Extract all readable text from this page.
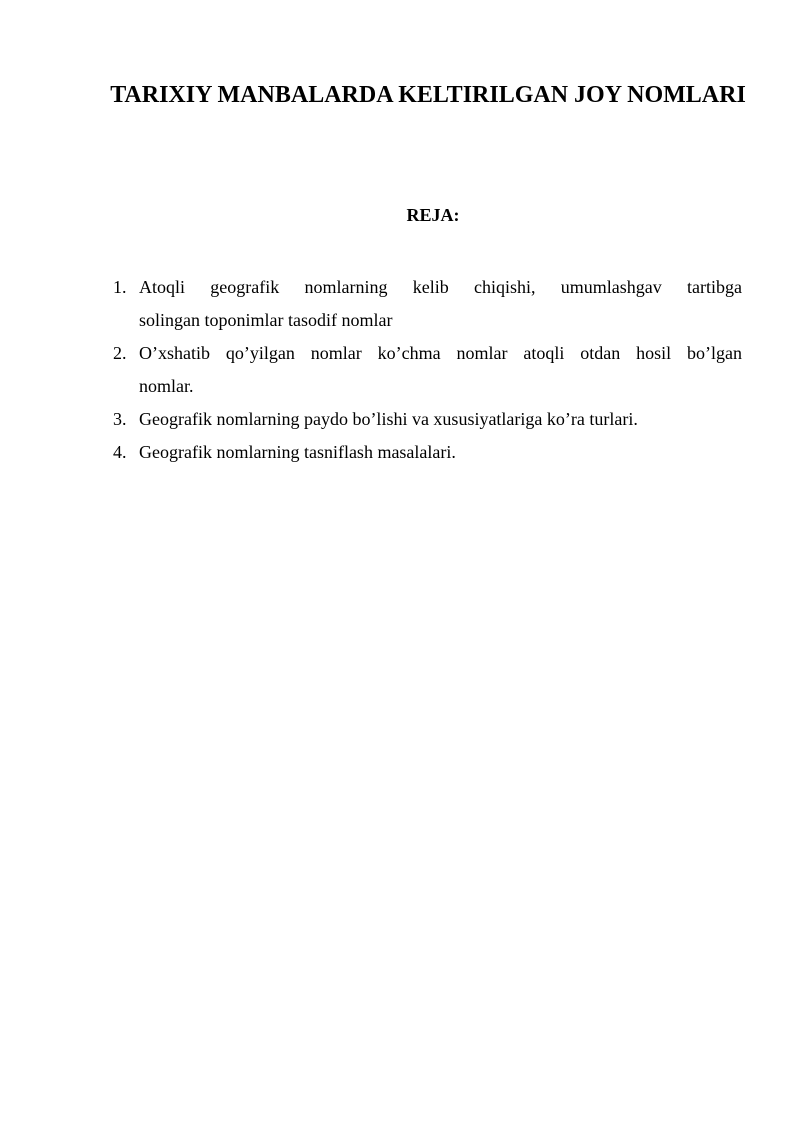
TARIXIY MANBALARDA KELTIRILGAN JOY NOMLARI
REJA:
1. Atoqli geografik nomlarning kelib chiqishi, umumlashgav tartibga
solingan toponimlar tasodif nomlar
2. O’xshatib qo’yilgan nomlar ko’chma nomlar atoqli otdan hosil bo’lgan
nomlar.
3. Geografik nomlarning paydo bo’lishi va xususiyatlariga ko’ra turlari.
4. Geografik nomlarning tasniflash masalalari.
